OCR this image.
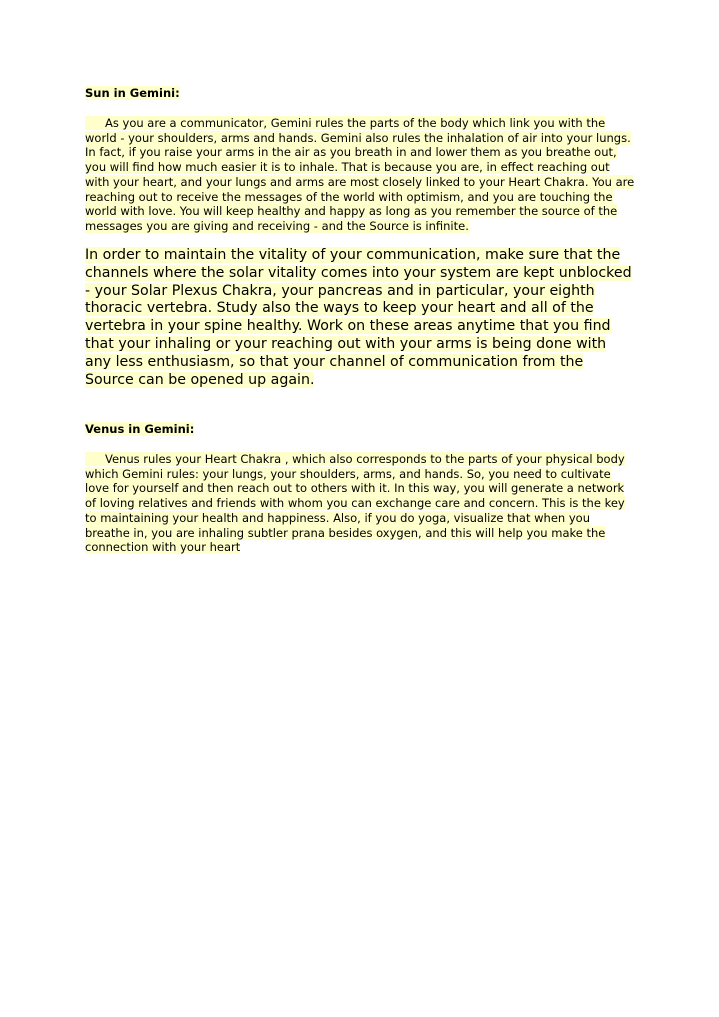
Sun in Gemini:

As you are a communicator, Gemini rules the parts of the body which link you with the world - your shoulders, arms and hands. Gemini also rules the inhalation of air into your lungs. In fact, if you raise your arms in the air as you breath in and lower them as you breathe out, you will find how much easier it is to inhale. That is because you are, in effect reaching out with your heart, and your lungs and arms are most closely linked to your Heart Chakra. You are reaching out to receive the messages of the world with optimism, and you are touching the world with love. You will keep healthy and happy as long as you remember the source of the messages you are giving and receiving - and the Source is infinite.

In order to maintain the vitality of your communication, make sure that the channels where the solar vitality comes into your system are kept unblocked - your Solar Plexus Chakra, your pancreas and in particular, your eighth thoracic vertebra. Study also the ways to keep your heart and all of the vertebra in your spine healthy. Work on these areas anytime that you find that your inhaling or your reaching out with your arms is being done with any less enthusiasm, so that your channel of communication from the Source can be opened up again.

Venus in Gemini:

Venus rules your Heart Chakra , which also corresponds to the parts of your physical body which Gemini rules: your lungs, your shoulders, arms, and hands. So, you need to cultivate love for yourself and then reach out to others with it. In this way, you will generate a network of loving relatives and friends with whom you can exchange care and concern. This is the key to maintaining your health and happiness. Also, if you do yoga, visualize that when you breathe in, you are inhaling subtler prana besides oxygen, and this will help you make the connection with your heart
